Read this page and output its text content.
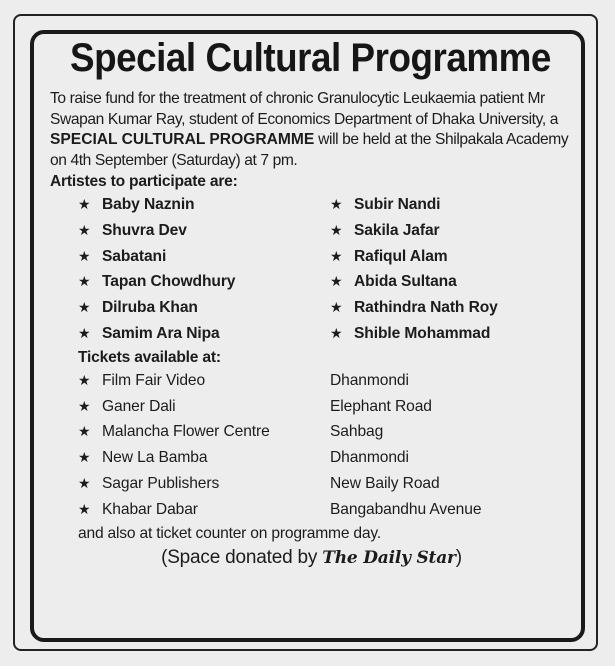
Special Cultural Programme
To raise fund for the treatment of chronic Granulocytic Leukaemia patient Mr Swapan Kumar Ray, student of Economics Department of Dhaka University, a SPECIAL CULTURAL PROGRAMME will be held at the Shilpakala Academy on 4th September (Saturday) at 7 pm.
Artistes to participate are:
★ Baby Naznin	★ Subir Nandi
★ Shuvra Dev	★ Sakila Jafar
★ Sabatani	★ Rafiqul Alam
★ Tapan Chowdhury	★ Abida Sultana
★ Dilruba Khan	★ Rathindra Nath Roy
★ Samim Ara Nipa	★ Shible Mohammad
Tickets available at:
★ Film Fair Video	Dhanmondi
★ Ganer Dali	Elephant Road
★ Malancha Flower Centre	Sahbag
★ New La Bamba	Dhanmondi
★ Sagar Publishers	New Baily Road
★ Khabar Dabar	Bangabandhu Avenue
and also at ticket counter on programme day.
(Space donated by The Daily Star)
